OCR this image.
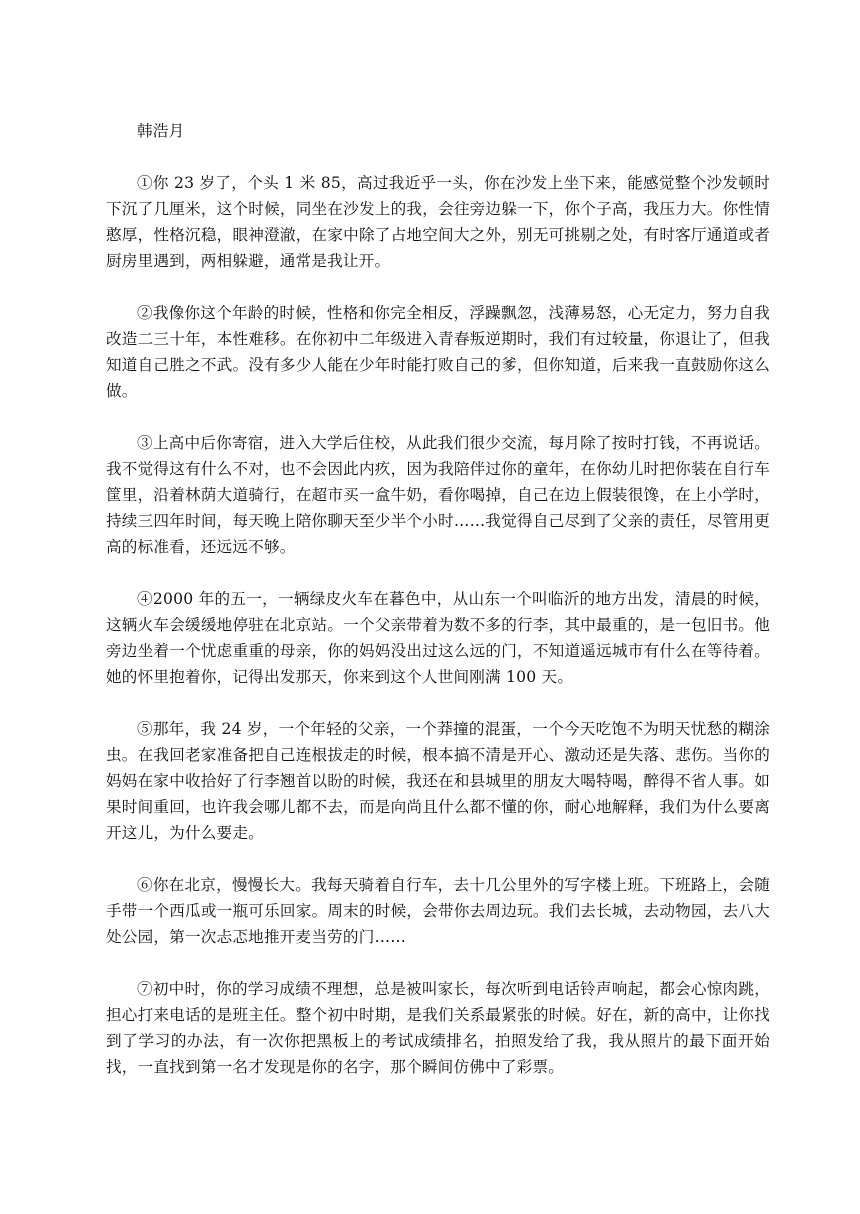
韩浩月

①你 23 岁了，个头 1 米 85，高过我近乎一头，你在沙发上坐下来，能感觉整个沙发顿时下沉了几厘米，这个时候，同坐在沙发上的我，会往旁边躲一下，你个子高，我压力大。你性情憨厚，性格沉稳，眼神澄澈，在家中除了占地空间大之外，别无可挑剔之处，有时客厅通道或者厨房里遇到，两相躲避，通常是我让开。

②我像你这个年龄的时候，性格和你完全相反，浮躁飘忽，浅薄易怒，心无定力，努力自我改造二三十年，本性难移。在你初中二年级进入青春叛逆期时，我们有过较量，你退让了，但我知道自己胜之不武。没有多少人能在少年时能打败自己的爹，但你知道，后来我一直鼓励你这么做。

③上高中后你寄宿，进入大学后住校，从此我们很少交流，每月除了按时打钱，不再说话。我不觉得这有什么不对，也不会因此内疚，因为我陪伴过你的童年，在你幼儿时把你装在自行车筐里，沿着林荫大道骑行，在超市买一盒牛奶，看你喝掉，自己在边上假装很馋，在上小学时，持续三四年时间，每天晚上陪你聊天至少半个小时……我觉得自己尽到了父亲的责任，尽管用更高的标准看，还远远不够。

④2000 年的五一，一辆绿皮火车在暮色中，从山东一个叫临沂的地方出发，清晨的时候，这辆火车会缓缓地停驻在北京站。一个父亲带着为数不多的行李，其中最重的，是一包旧书。他旁边坐着一个忧虑重重的母亲，你的妈妈没出过这么远的门，不知道遥远城市有什么在等待着。她的怀里抱着你，记得出发那天，你来到这个人世间刚满 100 天。

⑤那年，我 24 岁，一个年轻的父亲，一个莽撞的混蛋，一个今天吃饱不为明天忧愁的糊涂虫。在我回老家准备把自己连根拔走的时候，根本搞不清是开心、激动还是失落、悲伤。当你的妈妈在家中收拾好了行李翘首以盼的时候，我还在和县城里的朋友大喝特喝，醉得不省人事。如果时间重回，也许我会哪儿都不去，而是向尚且什么都不懂的你，耐心地解释，我们为什么要离开这儿，为什么要走。

⑥你在北京，慢慢长大。我每天骑着自行车，去十几公里外的写字楼上班。下班路上，会随手带一个西瓜或一瓶可乐回家。周末的时候，会带你去周边玩。我们去长城，去动物园，去八大处公园，第一次忐忑地推开麦当劳的门……

⑦初中时，你的学习成绩不理想，总是被叫家长，每次听到电话铃声响起，都会心惊肉跳，担心打来电话的是班主任。整个初中时期，是我们关系最紧张的时候。好在，新的高中，让你找到了学习的办法，有一次你把黑板上的考试成绩排名，拍照发给了我，我从照片的最下面开始找，一直找到第一名才发现是你的名字，那个瞬间仿佛中了彩票。
